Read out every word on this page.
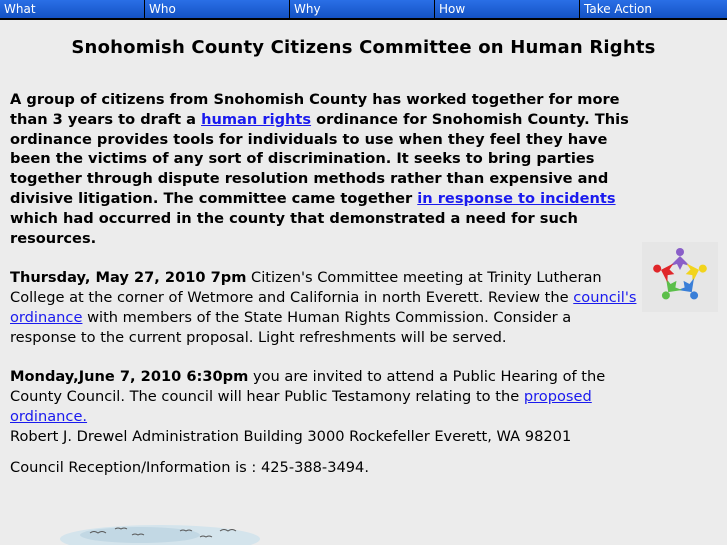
What	Who	Why	How	Take Action
Snohomish County Citizens Committee on Human Rights

A group of citizens from Snohomish County has worked together for more than 3 years to draft a human rights ordinance for Snohomish County. This ordinance provides tools for individuals to use when they feel they have been the victims of any sort of discrimination. It seeks to bring parties together through dispute resolution methods rather than expensive and divisive litigation. The committee came together in response to incidents which had occurred in the county that demonstrated a need for such resources.

Thursday, May 27, 2010 7pm Citizen's Committee meeting at Trinity Lutheran College at the corner of Wetmore and California in north Everett. Review the council's ordinance with members of the State Human Rights Commission. Consider a response to the current proposal. Light refreshments will be served.

Monday,June 7, 2010 6:30pm you are invited to attend a Public Hearing of the County Council. The council will hear Public Testamony relating to the proposed ordinance.
Robert J. Drewel Administration Building 3000 Rockefeller Everett, WA 98201

Council Reception/Information is : 425-388-3494.
